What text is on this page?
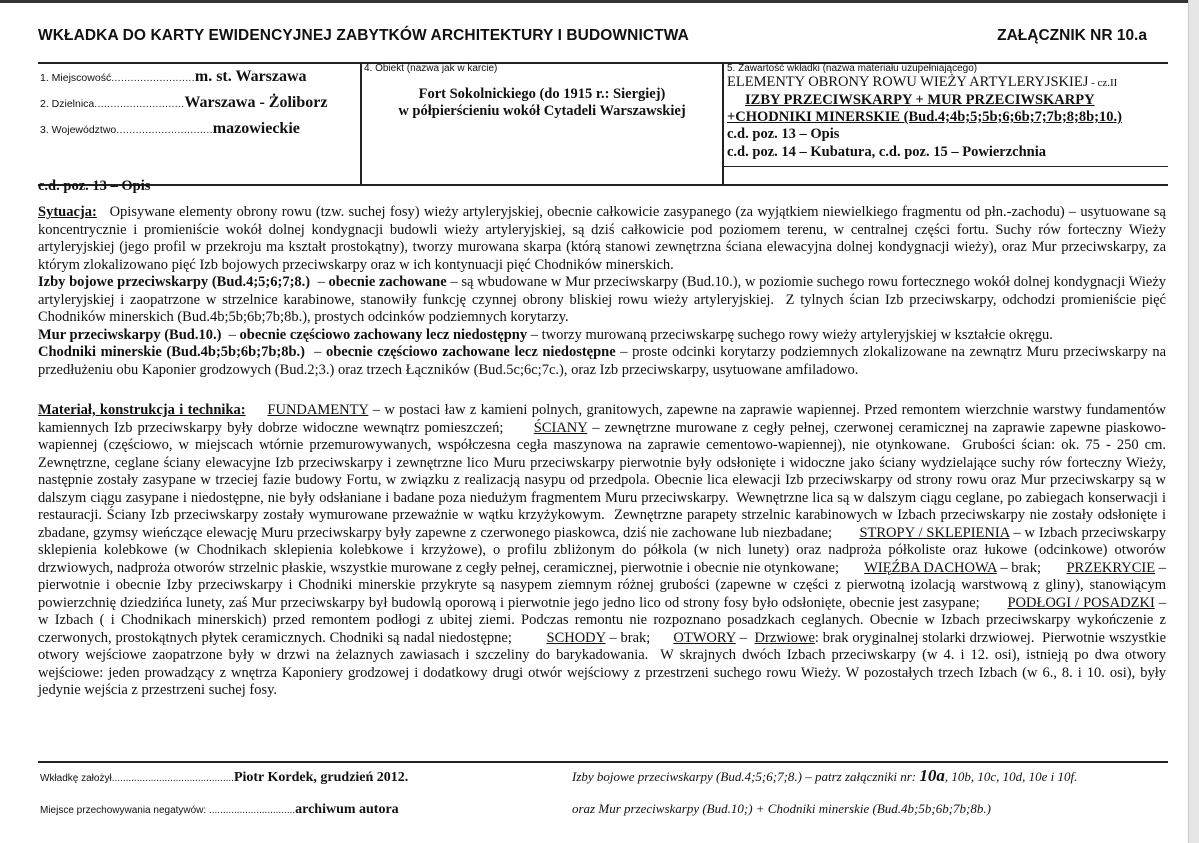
WKŁADKA DO KARTY EWIDENCYJNEJ ZABYTKÓW ARCHITEKTURY I BUDOWNICTWA	ZAŁĄCZNIK NR 10.a
1. Miejscowość..........................m. st. Warszawa
2. Dzielnica............................Warszawa - Żoliborz
3. Województwo..............................mazowieckie
4. Obiekt (nazwa jak w karcie)
Fort Sokolnickiego (do 1915 r.: Siergiej)
w półpierścieniu wokół Cytadeli Warszawskiej
5. Zawartość wkładki (nazwa materiału uzupełniającego)
ELEMENTY OBRONY ROWU WIEŻY ARTYLERYJSKIEJ - cz.II
IZBY PRZECIWSKARPY + MUR PRZECIWSKARPY
+CHODNIKI MINERSKIE (Bud.4;4b;5;5b;6;6b;7;7b;8;8b;10.)
c.d. poz. 13 – Opis
c.d. poz. 14 – Kubatura, c.d. poz. 15 – Powierzchnia
c.d. poz. 13 – Opis

Sytuacja:   Opisywane elementy obrony rowu (tzw. suchej fosy) wieży artyleryjskiej, obecnie całkowicie zasypanego (za wyjątkiem niewielkiego fragmentu od płn.-zachodu) – usytuowane są koncentrycznie i promieniście wokół dolnej kondygnacji budowli wieży artyleryjskiej, są dziś całkowicie pod poziomem terenu, w centralnej części fortu. Suchy rów forteczny Wieży artyleryjskiej (jego profil w przekroju ma kształt prostokątny), tworzy murowana skarpa (którą stanowi zewnętrzna ściana elewacyjna dolnej kondygnacji wieży), oraz Mur przeciwskarpy, za którym zlokalizowano pięć Izb bojowych przeciwskarpy oraz w ich kontynuacji pięć Chodników minerskich.

Izby bojowe przeciwskarpy (Bud.4;5;6;7;8.)  – obecnie zachowane – są wbudowane w Mur przeciwskarpy (Bud.10.), w poziomie suchego rowu fortecznego wokół dolnej kondygnacji Wieży artyleryjskiej i zaopatrzone w strzelnice karabinowe, stanowiły funkcję czynnej obrony bliskiej rowu wieży artyleryjskiej.  Z tylnych ścian Izb przeciwskarpy, odchodzi promieniście pięć Chodników minerskich (Bud.4b;5b;6b;7b;8b.), prostych odcinków podziemnych korytarzy.

Mur przeciwskarpy (Bud.10.)  – obecnie częściowo zachowany lecz niedostępny – tworzy murowaną przeciwskarpę suchego rowy wieży artyleryjskiej w kształcie okręgu.

Chodniki minerskie (Bud.4b;5b;6b;7b;8b.)  – obecnie częściowo zachowane lecz niedostępne – proste odcinki korytarzy podziemnych zlokalizowane na zewnątrz Muru przeciwskarpy na przedłużeniu obu Kaponier grodzowych (Bud.2;3.) oraz trzech Łączników (Bud.5c;6c;7c.), oraz Izb przeciwskarpy, usytuowane amfiladowo.

Materiał, konstrukcja i technika: FUNDAMENTY – w postaci ław z kamieni polnych, granitowych, zapewne na zaprawie wapiennej. Przed remontem wierzchnie warstwy fundamentów kamiennych Izb przeciwskarpy były dobrze widoczne wewnątrz pomieszczeń;      ŚCIANY – zewnętrzne murowane z cegły pełnej, czerwonej ceramicznej na zaprawie zapewne piaskowo-wapiennej (częściowo, w miejscach wtórnie przemurowywanych, współczesna cegła maszynowa na zaprawie cementowo-wapiennej), nie otynkowane.  Grubości ścian: ok. 75 - 250 cm.  Zewnętrzne, ceglane ściany elewacyjne Izb przeciwskarpy i zewnętrzne lico Muru przeciwskarpy pierwotnie były odsłonięte i widoczne jako ściany wydzielające suchy rów forteczny Wieży, następnie zostały zasypane w trzeciej fazie budowy Fortu, w związku z realizacją nasypu od przedpola. Obecnie lica elewacji Izb przeciwskarpy od strony rowu oraz Mur przeciwskarpy są w dalszym ciągu zasypane i niedostępne, nie były odsłaniane i badane poza niedużym fragmentem Muru przeciwskarpy.  Wewnętrzne lica są w dalszym ciągu ceglane, po zabiegach konserwacji i restauracji. Ściany Izb przeciwskarpy zostały wymurowane przeważnie w wątku krzyżykowym.  Zewnętrzne parapety strzelnic karabinowych w Izbach przeciwskarpy nie zostały odsłonięte i zbadane, gzymsy wieńczące elewację Muru przeciwskarpy były zapewne z czerwonego piaskowca, dziś nie zachowane lub niezbadane;       STROPY / SKLEPIENIA – w Izbach przeciwskarpy sklepienia kolebkowe (w Chodnikach sklepienia kolebkowe i krzyżowe), o profilu zbliżonym do półkola (w nich lunety) oraz nadproża półkoliste oraz łukowe (odcinkowe) otworów drzwiowych, nadproża otworów strzelnic płaskie, wszystkie murowane z cegły pełnej, ceramicznej, pierwotnie i obecnie nie otynkowane;       WIĘŹBA DACHOWA – brak;       PRZEKRYCIE – pierwotnie i obecnie Izby przeciwskarpy i Chodniki minerskie przykryte są nasypem ziemnym różnej grubości (zapewne w części z pierwotną izolacją warstwową z gliny), stanowiącym powierzchnię dziedzińca lunety, zaś Mur przeciwskarpy był budowlą oporową i pierwotnie jego jedno lico od strony fosy było odsłonięte, obecnie jest zasypane;       PODŁOGI / POSADZKI – w Izbach ( i Chodnikach minerskich) przed remontem podłogi z ubitej ziemi. Podczas remontu nie rozpoznano posadzkach ceglanych. Obecnie w Izbach przeciwskarpy wykończenie z czerwonych, prostokątnych płytek ceramicznych. Chodniki są nadal niedostępne;         SCHODY – brak;      OTWORY –  Drzwiowe: brak oryginalnej stolarki drzwiowej.  Pierwotnie wszystkie otwory wejściowe zaopatrzone były w drzwi na żelaznych zawiasach i szczeliny do barykadowania.  W skrajnych dwóch Izbach przeciwskarpy (w 4. i 12. osi), istnieją po dwa otwory wejściowe: jeden prowadzący z wnętrza Kaponiery grodzowej i dodatkowy drugi otwór wejściowy z przestrzeni suchego rowu Wieży. W pozostałych trzech Izbach (w 6., 8. i 10. osi), były jedynie wejścia z przestrzeni suchej fosy.

Wkładkę założył............................................Piotr Kordek, grudzień 2012.
Miejsce przechowywania negatywów: ...............................archiwum autora
Izby bojowe przeciwskarpy (Bud.4;5;6;7;8.) – patrz załączniki nr: 10a, 10b, 10c, 10d, 10e i 10f.
oraz Mur przeciwskarpy (Bud.10;) + Chodniki minerskie (Bud.4b;5b;6b;7b;8b.)
